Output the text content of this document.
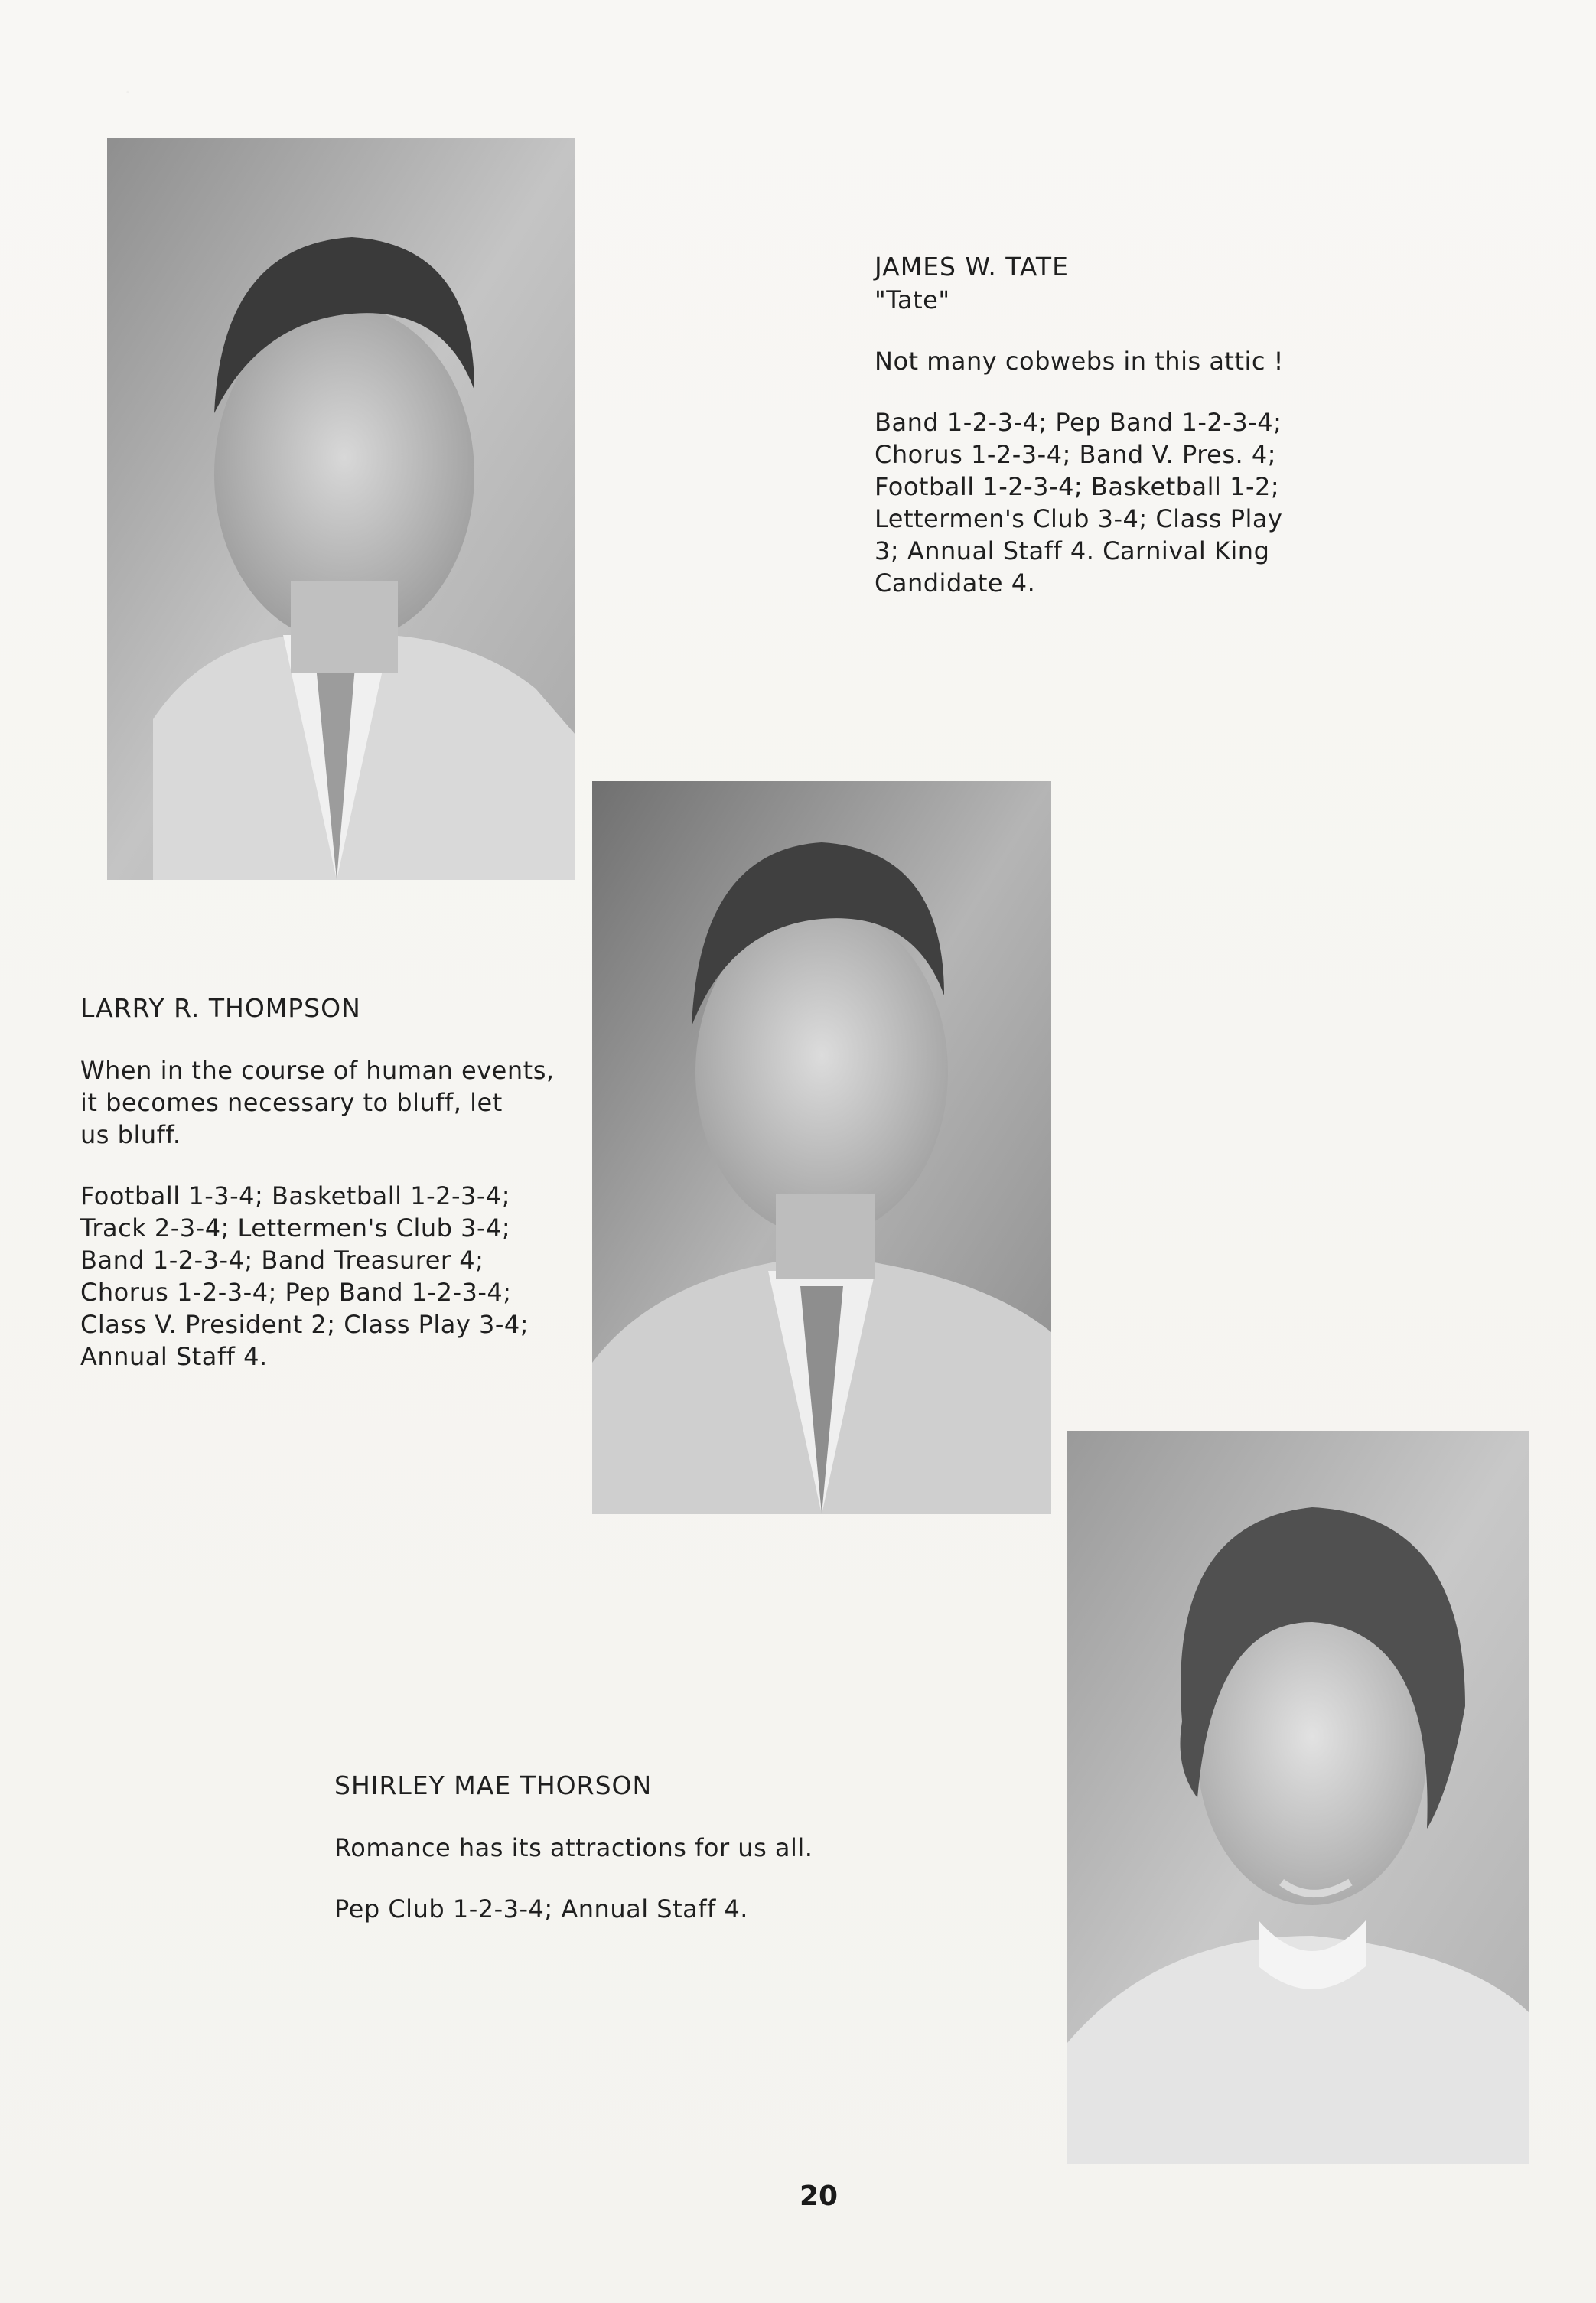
JAMES W. TATE
"Tate"
Not many cobwebs in this attic !
Band 1-2-3-4; Pep Band 1-2-3-4;
Chorus 1-2-3-4; Band V. Pres. 4;
Football 1-2-3-4; Basketball 1-2;
Lettermen's Club 3-4; Class Play
3; Annual Staff 4. Carnival King
Candidate 4.
LARRY R. THOMPSON
When in the course of human events,
it becomes necessary to bluff, let
us bluff.
Football 1-3-4; Basketball 1-2-3-4;
Track 2-3-4; Lettermen's Club 3-4;
Band 1-2-3-4; Band Treasurer 4;
Chorus 1-2-3-4; Pep Band 1-2-3-4;
Class V. President 2; Class Play 3-4;
Annual Staff 4.
SHIRLEY MAE THORSON
Romance has its attractions for us all.
Pep Club 1-2-3-4; Annual Staff 4.
20
